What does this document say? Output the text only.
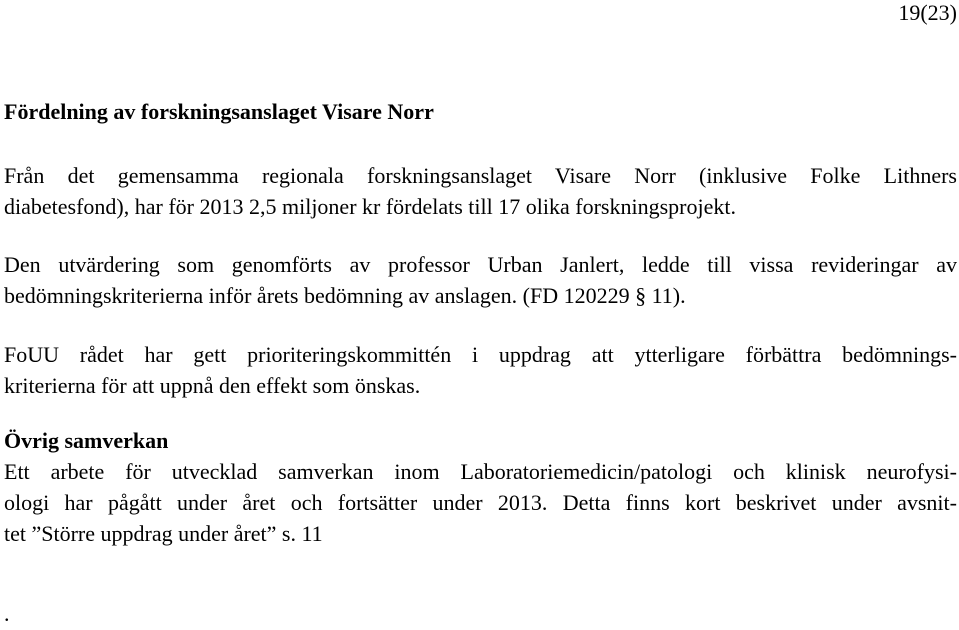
19(23)
Fördelning av forskningsanslaget Visare Norr

Från det gemensamma regionala forskningsanslaget Visare Norr (inklusive Folke Lithners
diabetesfond), har för 2013 2,5 miljoner kr fördelats till 17 olika forskningsprojekt.

Den utvärdering som genomförts av professor Urban Janlert, ledde till vissa revideringar av
bedömningskriterierna inför årets bedömning av anslagen. (FD 120229 § 11).

FoUU rådet har gett prioriteringskommittén i uppdrag att ytterligare förbättra bedömnings-
kriterierna för att uppnå den effekt som önskas.

Övrig samverkan

Ett arbete för utvecklad samverkan inom Laboratoriemedicin/patologi och klinisk neurofysi-
ologi har pågått under året och fortsätter under 2013. Detta finns kort beskrivet under avsnit-
tet ”Större uppdrag under året” s. 11

.
